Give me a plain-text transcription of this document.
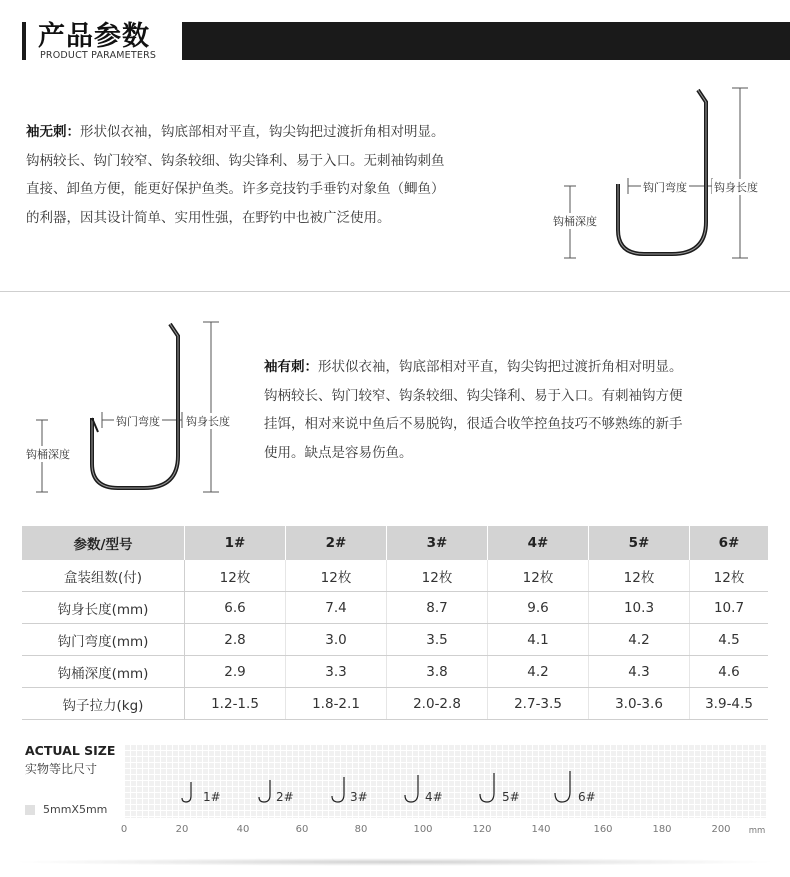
产品参数
PRODUCT PARAMETERS
袖无刺：形状似衣袖，钩底部相对平直，钩尖钩把过渡折角相对明显。
钩柄较长、钩门较窄、钩条较细、钩尖锋利、易于入口。无刺袖钩刺鱼
直接、卸鱼方便，能更好保护鱼类。许多竞技钓手垂钓对象鱼（鲫鱼）
的利器，因其设计简单、实用性强，在野钓中也被广泛使用。
钩门弯度 钩身长度
钩桶深度
钩门弯度 钩身长度
钩桶深度
袖有刺：形状似衣袖，钩底部相对平直，钩尖钩把过渡折角相对明显。
钩柄较长、钩门较窄、钩条较细、钩尖锋利、易于入口。有刺袖钩方便
挂饵，相对来说中鱼后不易脱钩，很适合收竿控鱼技巧不够熟练的新手
使用。缺点是容易伤鱼。
参数/型号	1#	2#	3#	4#	5#	6#
盒装组数(付)	12枚	12枚	12枚	12枚	12枚	12枚
钩身长度(mm)	6.6	7.4	8.7	9.6	10.3	10.7
钩门弯度(mm)	2.8	3.0	3.5	4.1	4.2	4.5
钩桶深度(mm)	2.9	3.3	3.8	4.2	4.3	4.6
钩子拉力(kg)	1.2-1.5	1.8-2.1	2.0-2.8	2.7-3.5	3.0-3.6	3.9-4.5
ACTUAL SIZE
实物等比尺寸
5mmX5mm
1#	2#	3#	4#	5#	6#
0	20	40	60	80	100	120	140	160	180	200 mm
